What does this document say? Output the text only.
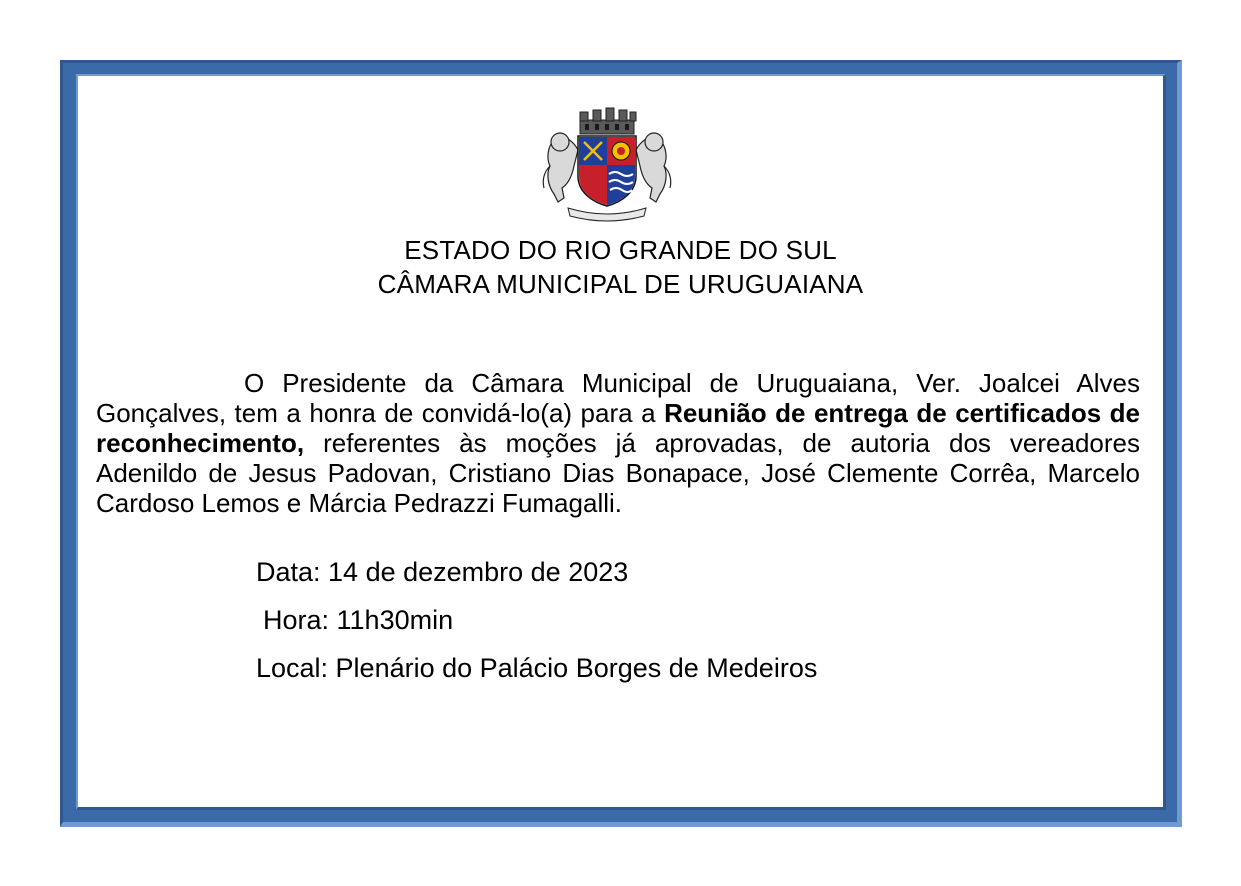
ESTADO DO RIO GRANDE DO SUL
CÂMARA MUNICIPAL DE URUGUAIANA

O Presidente da Câmara Municipal de Uruguaiana, Ver. Joalcei Alves Gonçalves, tem a honra de convidá-lo(a) para a Reunião de entrega de certificados de reconhecimento, referentes às moções já aprovadas, de autoria dos vereadores Adenildo de Jesus Padovan, Cristiano Dias Bonapace, José Clemente Corrêa, Marcelo Cardoso Lemos e Márcia Pedrazzi Fumagalli.

Data: 14 de dezembro de 2023
Hora: 11h30min
Local: Plenário do Palácio Borges de Medeiros
